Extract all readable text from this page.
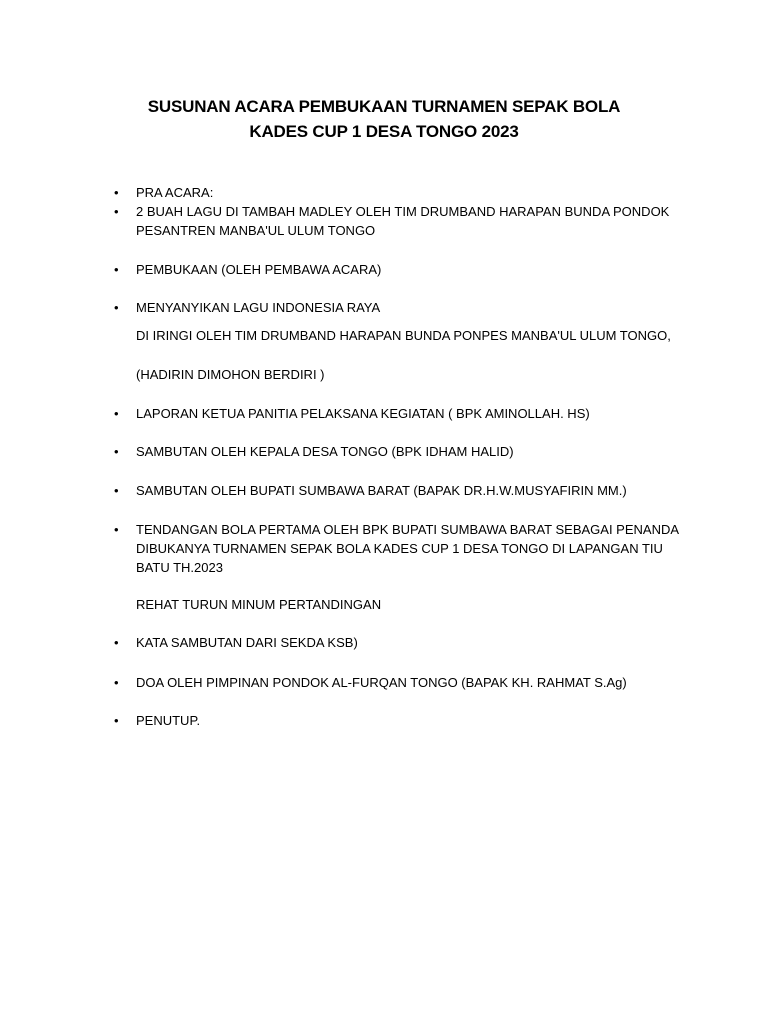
SUSUNAN ACARA PEMBUKAAN TURNAMEN SEPAK BOLA
KADES CUP 1 DESA TONGO 2023
• PRA ACARA:
• 2 BUAH LAGU DI TAMBAH MADLEY OLEH TIM DRUMBAND HARAPAN BUNDA PONDOK
PESANTREN MANBA'UL ULUM TONGO
• PEMBUKAAN (OLEH PEMBAWA ACARA)
• MENYANYIKAN LAGU INDONESIA RAYA
DI IRINGI OLEH TIM DRUMBAND HARAPAN BUNDA PONPES MANBA'UL ULUM TONGO,
(HADIRIN DIMOHON BERDIRI )
• LAPORAN KETUA PANITIA PELAKSANA KEGIATAN ( BPK AMINOLLAH. HS)
• SAMBUTAN OLEH KEPALA DESA TONGO (BPK IDHAM HALID)
• SAMBUTAN OLEH BUPATI SUMBAWA BARAT (BAPAK DR.H.W.MUSYAFIRIN MM.)
• TENDANGAN BOLA PERTAMA OLEH BPK BUPATI SUMBAWA BARAT SEBAGAI PENANDA
DIBUKANYA TURNAMEN SEPAK BOLA KADES CUP 1 DESA TONGO DI LAPANGAN TIU
BATU TH.2023
REHAT TURUN MINUM PERTANDINGAN
• KATA SAMBUTAN DARI SEKDA KSB)
• DOA OLEH PIMPINAN PONDOK AL-FURQAN TONGO (BAPAK KH. RAHMAT S.Ag)
• PENUTUP.
